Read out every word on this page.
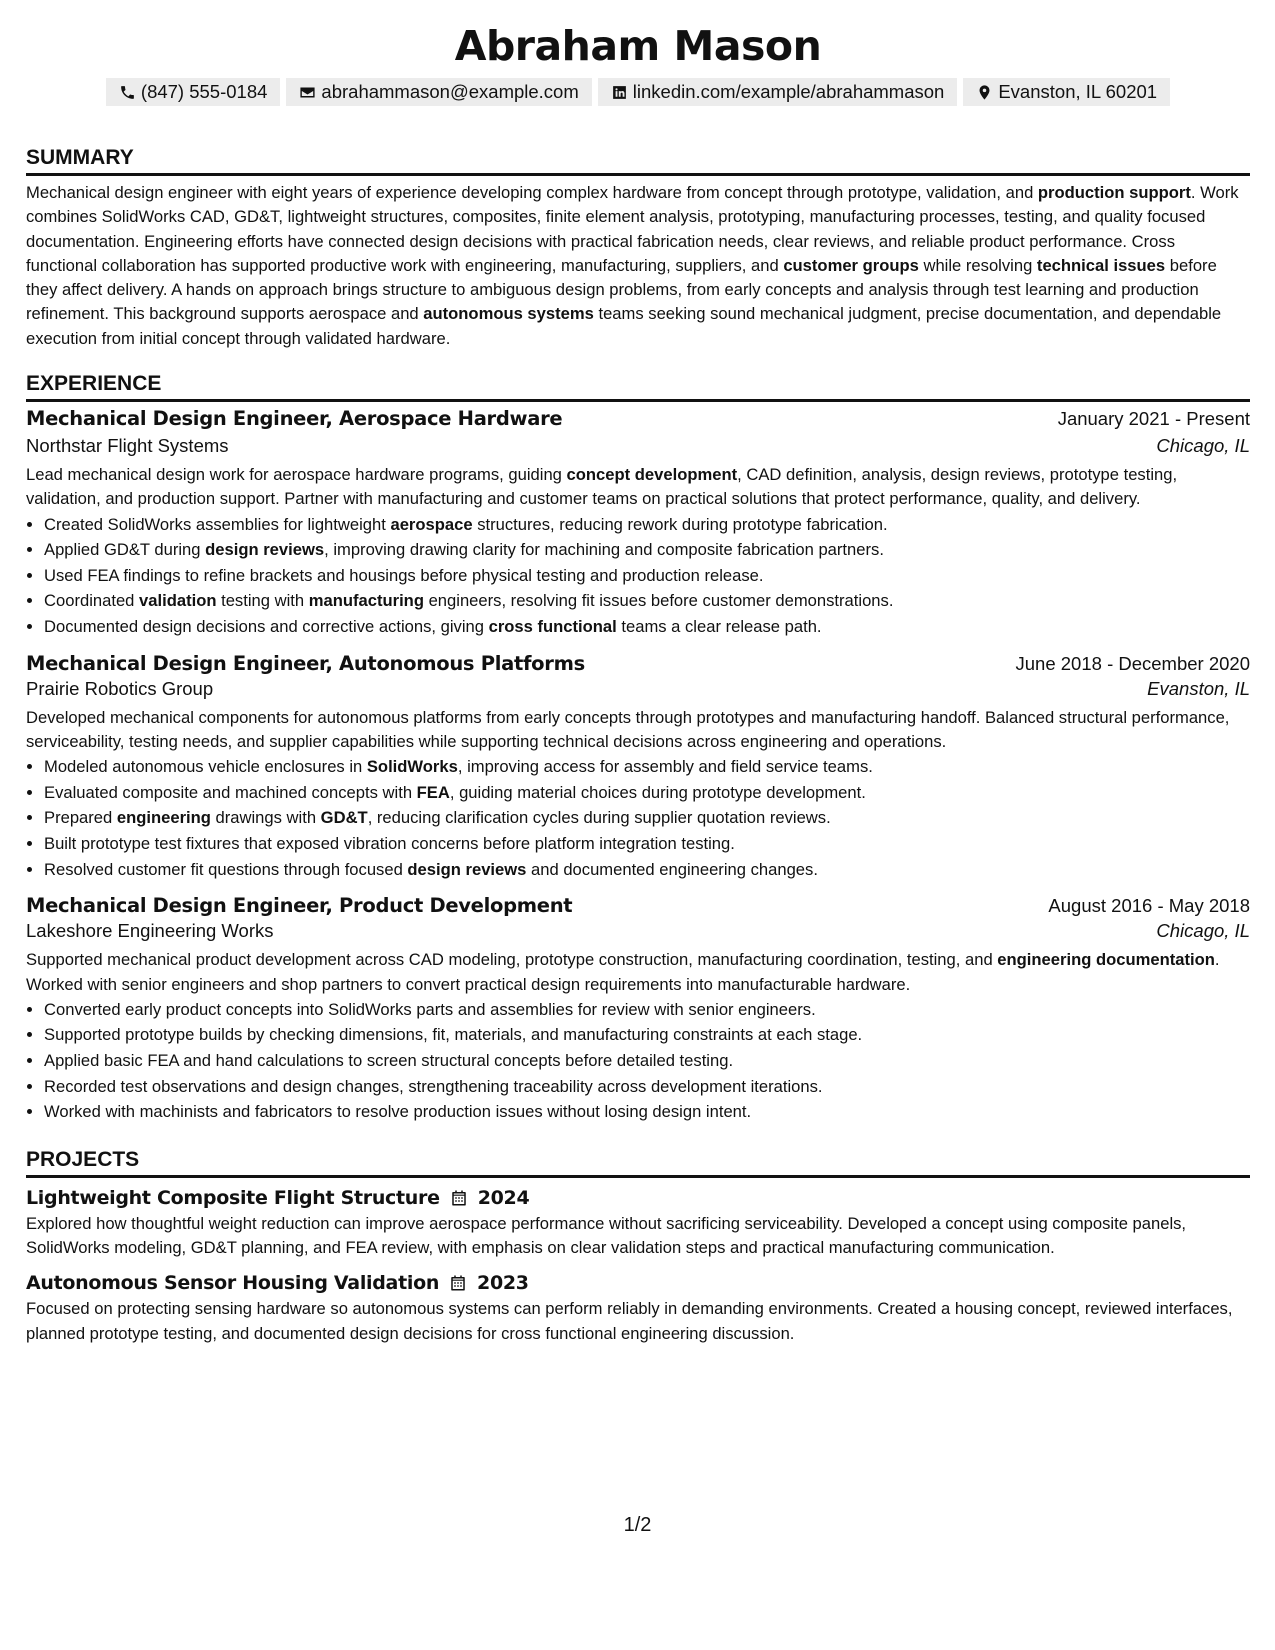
Abraham Mason
(847) 555-0184	abrahammason@example.com	linkedin.com/example/abrahammason	Evanston, IL 60201
SUMMARY

Mechanical design engineer with eight years of experience developing complex hardware from concept through prototype, validation, and production support. Work combines SolidWorks CAD, GD&T, lightweight structures, composites, finite element analysis, prototyping, manufacturing processes, testing, and quality focused documentation. Engineering efforts have connected design decisions with practical fabrication needs, clear reviews, and reliable product performance. Cross functional collaboration has supported productive work with engineering, manufacturing, suppliers, and customer groups while resolving technical issues before they affect delivery. A hands on approach brings structure to ambiguous design problems, from early concepts and analysis through test learning and production refinement. This background supports aerospace and autonomous systems teams seeking sound mechanical judgment, precise documentation, and dependable execution from initial concept through validated hardware.

EXPERIENCE
Mechanical Design Engineer, Aerospace Hardware	January 2021 - Present
Northstar Flight Systems	Chicago, IL

Lead mechanical design work for aerospace hardware programs, guiding concept development, CAD definition, analysis, design reviews, prototype testing, validation, and production support. Partner with manufacturing and customer teams on practical solutions that protect performance, quality, and delivery.

• Created SolidWorks assemblies for lightweight aerospace structures, reducing rework during prototype fabrication.
• Applied GD&T during design reviews, improving drawing clarity for machining and composite fabrication partners.
• Used FEA findings to refine brackets and housings before physical testing and production release.
• Coordinated validation testing with manufacturing engineers, resolving fit issues before customer demonstrations.
• Documented design decisions and corrective actions, giving cross functional teams a clear release path.
Mechanical Design Engineer, Autonomous Platforms	June 2018 - December 2020
Prairie Robotics Group	Evanston, IL

Developed mechanical components for autonomous platforms from early concepts through prototypes and manufacturing handoff. Balanced structural performance, serviceability, testing needs, and supplier capabilities while supporting technical decisions across engineering and operations.

• Modeled autonomous vehicle enclosures in SolidWorks, improving access for assembly and field service teams.
• Evaluated composite and machined concepts with FEA, guiding material choices during prototype development.
• Prepared engineering drawings with GD&T, reducing clarification cycles during supplier quotation reviews.
• Built prototype test fixtures that exposed vibration concerns before platform integration testing.
• Resolved customer fit questions through focused design reviews and documented engineering changes.
Mechanical Design Engineer, Product Development	August 2016 - May 2018
Lakeshore Engineering Works	Chicago, IL

Supported mechanical product development across CAD modeling, prototype construction, manufacturing coordination, testing, and engineering documentation. Worked with senior engineers and shop partners to convert practical design requirements into manufacturable hardware.

• Converted early product concepts into SolidWorks parts and assemblies for review with senior engineers.
• Supported prototype builds by checking dimensions, fit, materials, and manufacturing constraints at each stage.
• Applied basic FEA and hand calculations to screen structural concepts before detailed testing.
• Recorded test observations and design changes, strengthening traceability across development iterations.
• Worked with machinists and fabricators to resolve production issues without losing design intent.
PROJECTS
Lightweight Composite Flight Structure 2024

Explored how thoughtful weight reduction can improve aerospace performance without sacrificing serviceability. Developed a concept using composite panels, SolidWorks modeling, GD&T planning, and FEA review, with emphasis on clear validation steps and practical manufacturing communication.

Autonomous Sensor Housing Validation 2023

Focused on protecting sensing hardware so autonomous systems can perform reliably in demanding environments. Created a housing concept, reviewed interfaces, planned prototype testing, and documented design decisions for cross functional engineering discussion.

1/2
